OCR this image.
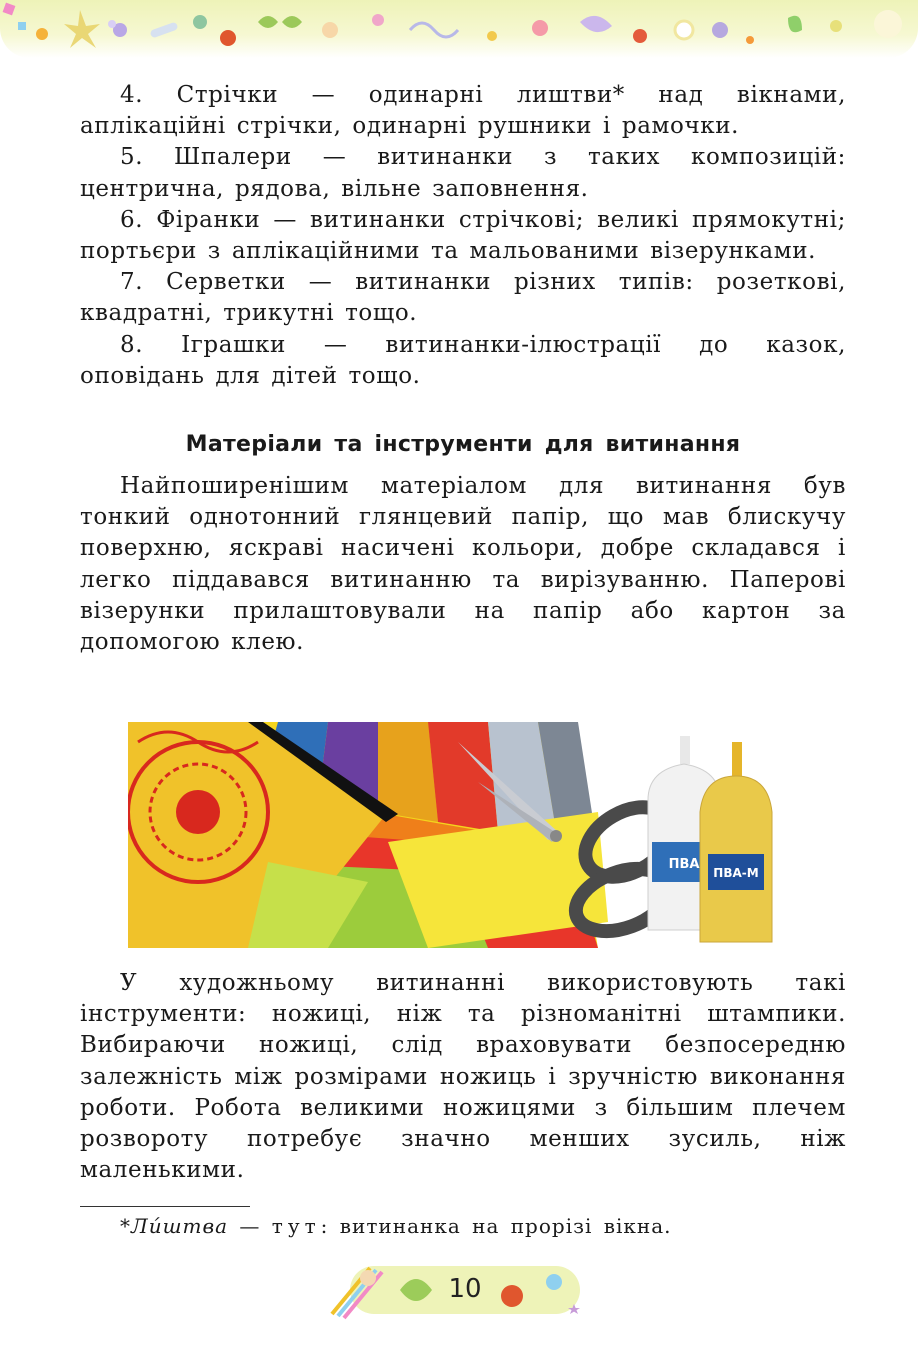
4. Стрічки — одинарні лиштви* над вікнами, аплікаційні стрічки, одинарні рушники і рамочки.

5. Шпалери — витинанки з таких композицій: центрична, рядова, вільне заповнення.

6. Фіранки — витинанки стрічкові; великі прямокутні; портьєри з аплікаційними та мальованими візерунками.

7. Серветки — витинанки різних типів: розеткові, квадратні, трикутні тощо.

8. Іграшки — витинанки-ілюстрації до казок, оповідань для дітей тощо.

Матеріали та інструменти для витинання

Найпоширенішим матеріалом для витинання був тонкий однотонний глянцевий папір, що мав блискучу поверхню, яскраві насичені кольори, добре складався і легко піддавався витинанню та вирізуванню. Паперові візерунки прилаштовували на папір або картон за допомогою клею.

ПВА
ПВА-М

У художньому витинанні використовують такі інструменти: ножиці, ніж та різноманітні штампики. Вибираючи ножиці, слід враховувати безпосередню залежність між розмірами ножиць і зручністю виконання роботи. Робота великими ножицями з більшим плечем розвороту потребує значно менших зусиль, ніж маленькими.

*Лúштва — тут: витинанка на прорізі вікна.
10
